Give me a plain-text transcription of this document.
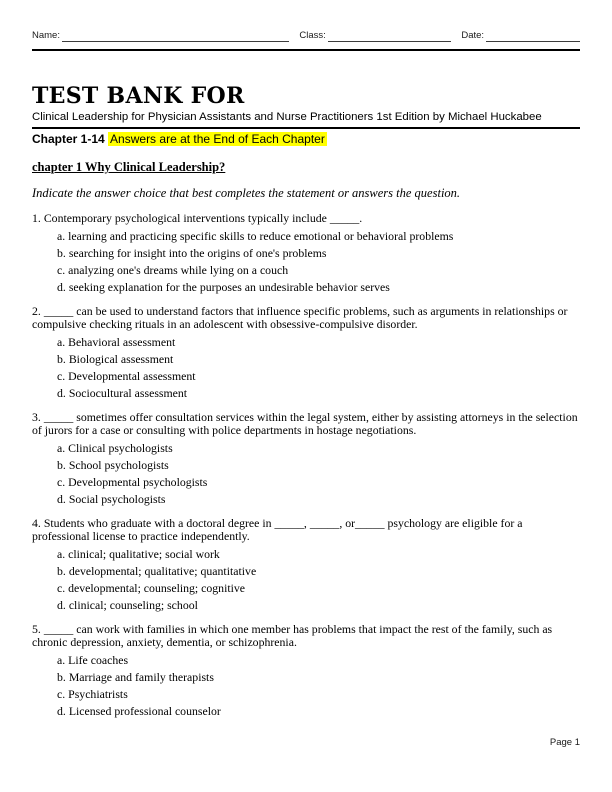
Name:	Class:	Date:
TEST BANK FOR
Clinical Leadership for Physician Assistants and Nurse Practitioners 1st Edition by Michael Huckabee
Chapter 1-14 Answers are at the End of Each Chapter
chapter 1 Why Clinical Leadership?
Indicate the answer choice that best completes the statement or answers the question.

1. Contemporary psychological interventions typically include _____.

a. learning and practicing specific skills to reduce emotional or behavioral problems

b. searching for insight into the origins of one's problems

c. analyzing one's dreams while lying on a couch

d. seeking explanation for the purposes an undesirable behavior serves

2. _____ can be used to understand factors that influence specific problems, such as arguments in relationships or compulsive checking rituals in an adolescent with obsessive-compulsive disorder.

a. Behavioral assessment

b. Biological assessment

c. Developmental assessment

d. Sociocultural assessment

3. _____ sometimes offer consultation services within the legal system, either by assisting attorneys in the selection of jurors for a case or consulting with police departments in hostage negotiations.

a. Clinical psychologists

b. School psychologists

c. Developmental psychologists

d. Social psychologists

4. Students who graduate with a doctoral degree in _____, _____, or_____ psychology are eligible for a professional license to practice independently.

a. clinical; qualitative; social work

b. developmental; qualitative; quantitative

c. developmental; counseling; cognitive

d. clinical; counseling; school

5. _____ can work with families in which one member has problems that impact the rest of the family, such as chronic depression, anxiety, dementia, or schizophrenia.

a. Life coaches

b. Marriage and family therapists

c. Psychiatrists

d. Licensed professional counselor

Page 1
